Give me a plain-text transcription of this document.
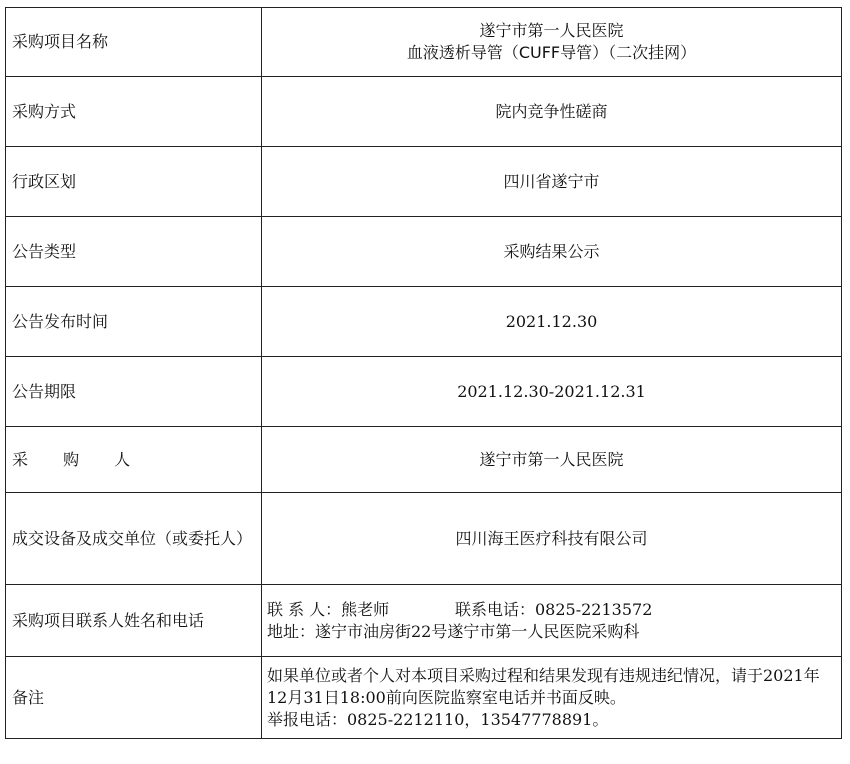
采购项目名称	遂宁市第一人民医院
血液透析导管（CUFF导管）（二次挂网）

采购方式	院内竞争性磋商
行政区划	四川省遂宁市
公告类型	采购结果公示
公告发布时间	2021.12.30
公告期限	2021.12.30-2021.12.31
采 购 人	遂宁市第一人民医院
成交设备及成交单位（或委托人）	四川海王医疗科技有限公司
采购项目联系人姓名和电话	联 系 人：熊老师 联系电话：0825-2213572
地址：遂宁市油房街22号遂宁市第一人民医院采购科

备注	如果单位或者个人对本项目采购过程和结果发现有违规违纪情况，请于2021年12月31日18:00前向医院监察室电话并书面反映。
举报电话：0825-2212110，13547778891。
